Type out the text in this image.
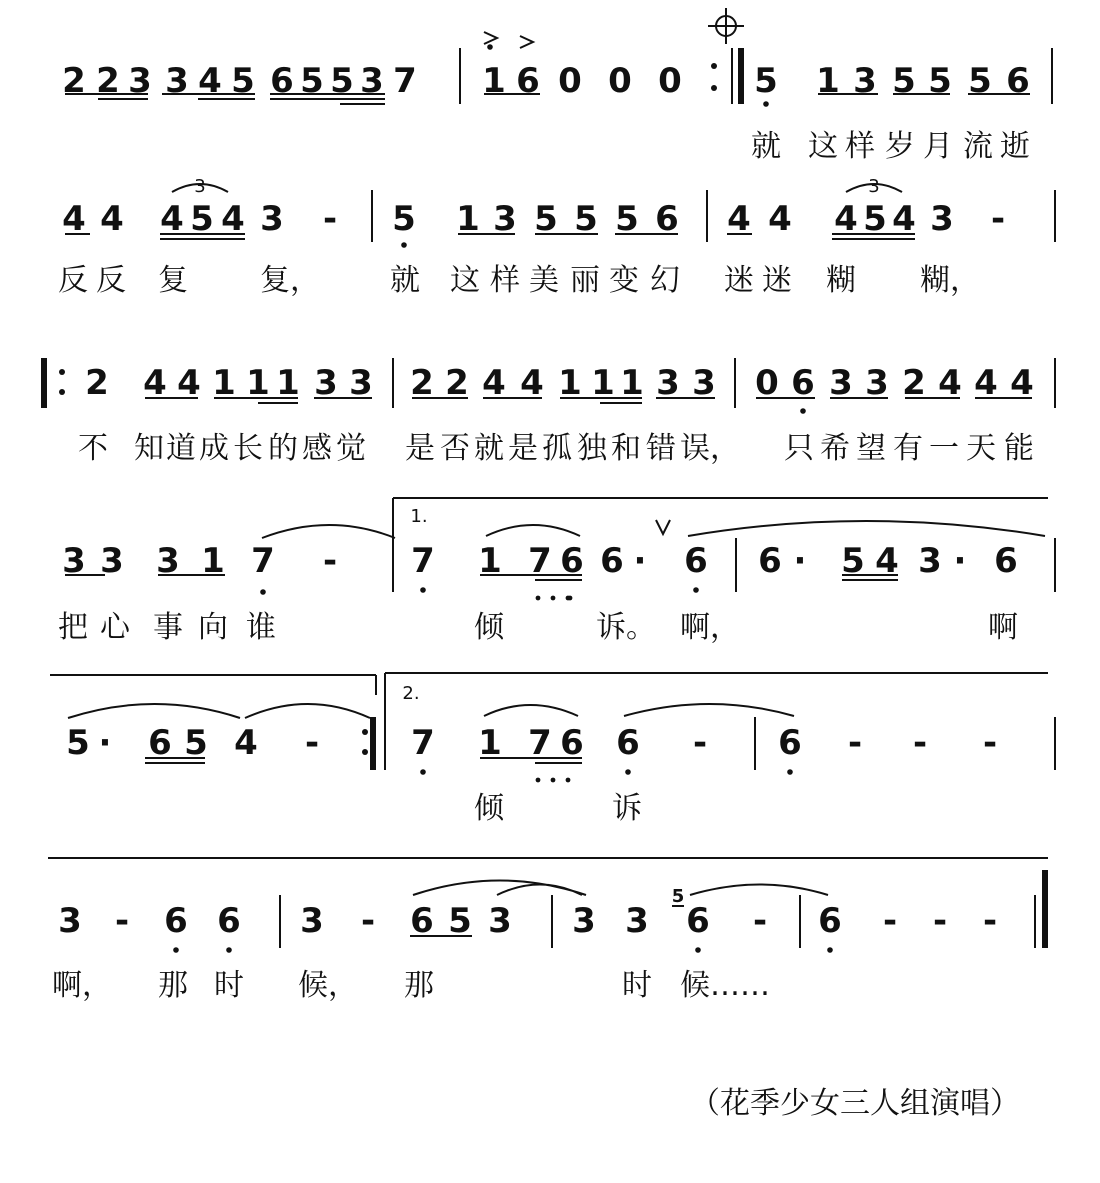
2 2 3 3 4 5 6 5 5 3 7 1 6 0 0 0 5 1 3 5 5 5 6
4 4 4 5 4 3 - 5 1 3 5 5 5 6 4 4 4 5 4 3 -
2 4 4 1 1 1 3 3 2 2 4 4 1 1 1 3 3 0 6 3 3 2 4 4 4
3 3 3 1 7 - 7 1 7 6 6 · 6 6 · 5 4 3 · 6
5 · 6 5 4 -	7 1 7 6 6 - 6 - - -
3 - 6 6 3 - 6 5 3 3 3 6 - 6 - - -
3	3
1.
2.
5
就 这 样 岁 月 流 逝
反 反 复 复， 就 这 样 美 丽 变 幻 迷 迷 糊 糊，
不 知 道 成 长 的 感 觉 是 否 就 是 孤 独 和 错 误， 只 希 望 有 一 天 能
把 心 事 向 谁	倾	诉。 啊，	啊
倾	诉
啊， 那 时 候， 那	时 候……
（花季少女三人组演唱）
